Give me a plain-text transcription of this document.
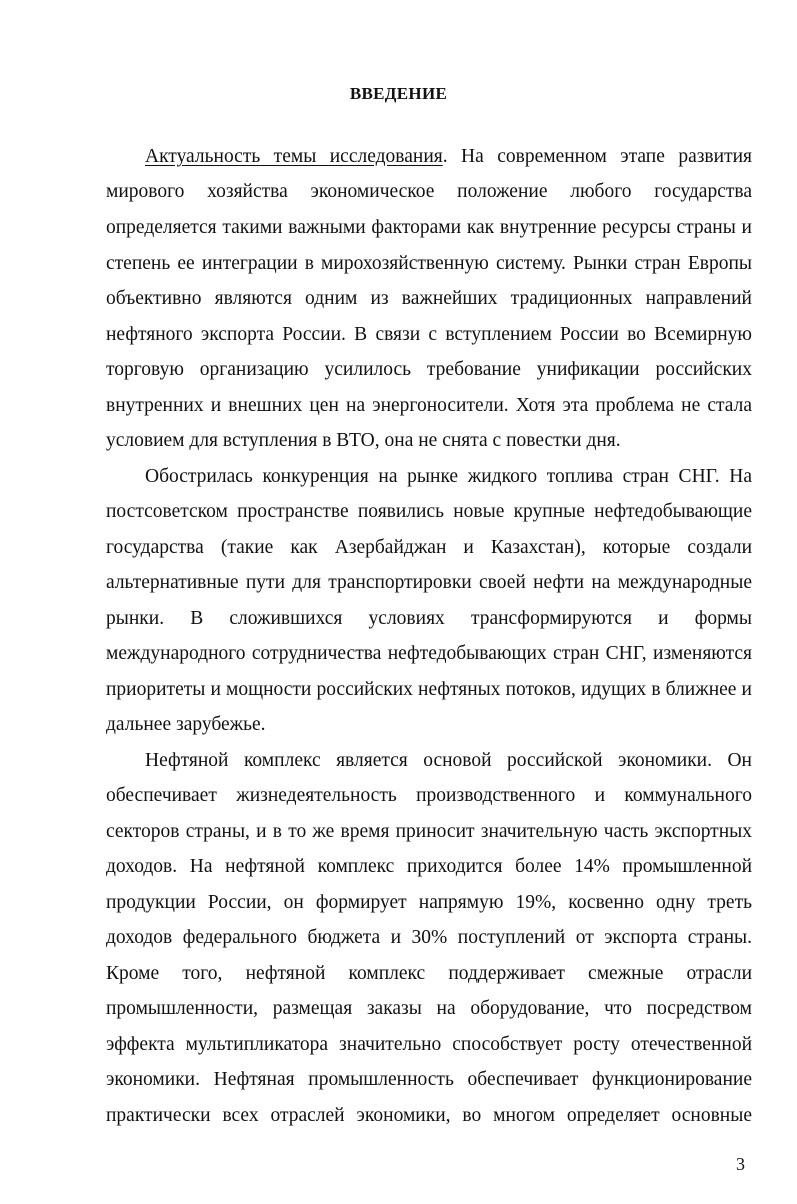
ВВЕДЕНИЕ
Актуальность темы исследования. На современном этапе развития
мирового хозяйства экономическое положение любого государства
определяется такими важными факторами как внутренние ресурсы страны и
степень ее интеграции в мирохозяйственную систему. Рынки стран Европы
объективно являются одним из важнейших традиционных направлений
нефтяного экспорта России. В связи с вступлением России во Всемирную
торговую организацию усилилось требование унификации российских
внутренних и внешних цен на энергоносители. Хотя эта проблема не стала
условием для вступления в ВТО, она не снята с повестки дня.
Обострилась конкуренция на рынке жидкого топлива стран СНГ. На
постсоветском пространстве появились новые крупные нефтедобывающие
государства (такие как Азербайджан и Казахстан), которые создали
альтернативные пути для транспортировки своей нефти на международные
рынки. В сложившихся условиях трансформируются и формы
международного сотрудничества нефтедобывающих стран СНГ, изменяются
приоритеты и мощности российских нефтяных потоков, идущих в ближнее и
дальнее зарубежье.
Нефтяной комплекс является основой российской экономики. Он
обеспечивает жизнедеятельность производственного и коммунального
секторов страны, и в то же время приносит значительную часть экспортных
доходов. На нефтяной комплекс приходится более 14% промышленной
продукции России, он формирует напрямую 19%, косвенно одну треть
доходов федерального бюджета и 30% поступлений от экспорта страны.
Кроме того, нефтяной комплекс поддерживает смежные отрасли
промышленности, размещая заказы на оборудование, что посредством
эффекта мультипликатора значительно способствует росту отечественной
экономики. Нефтяная промышленность обеспечивает функционирование
практически всех отраслей экономики, во многом определяет основные
3
